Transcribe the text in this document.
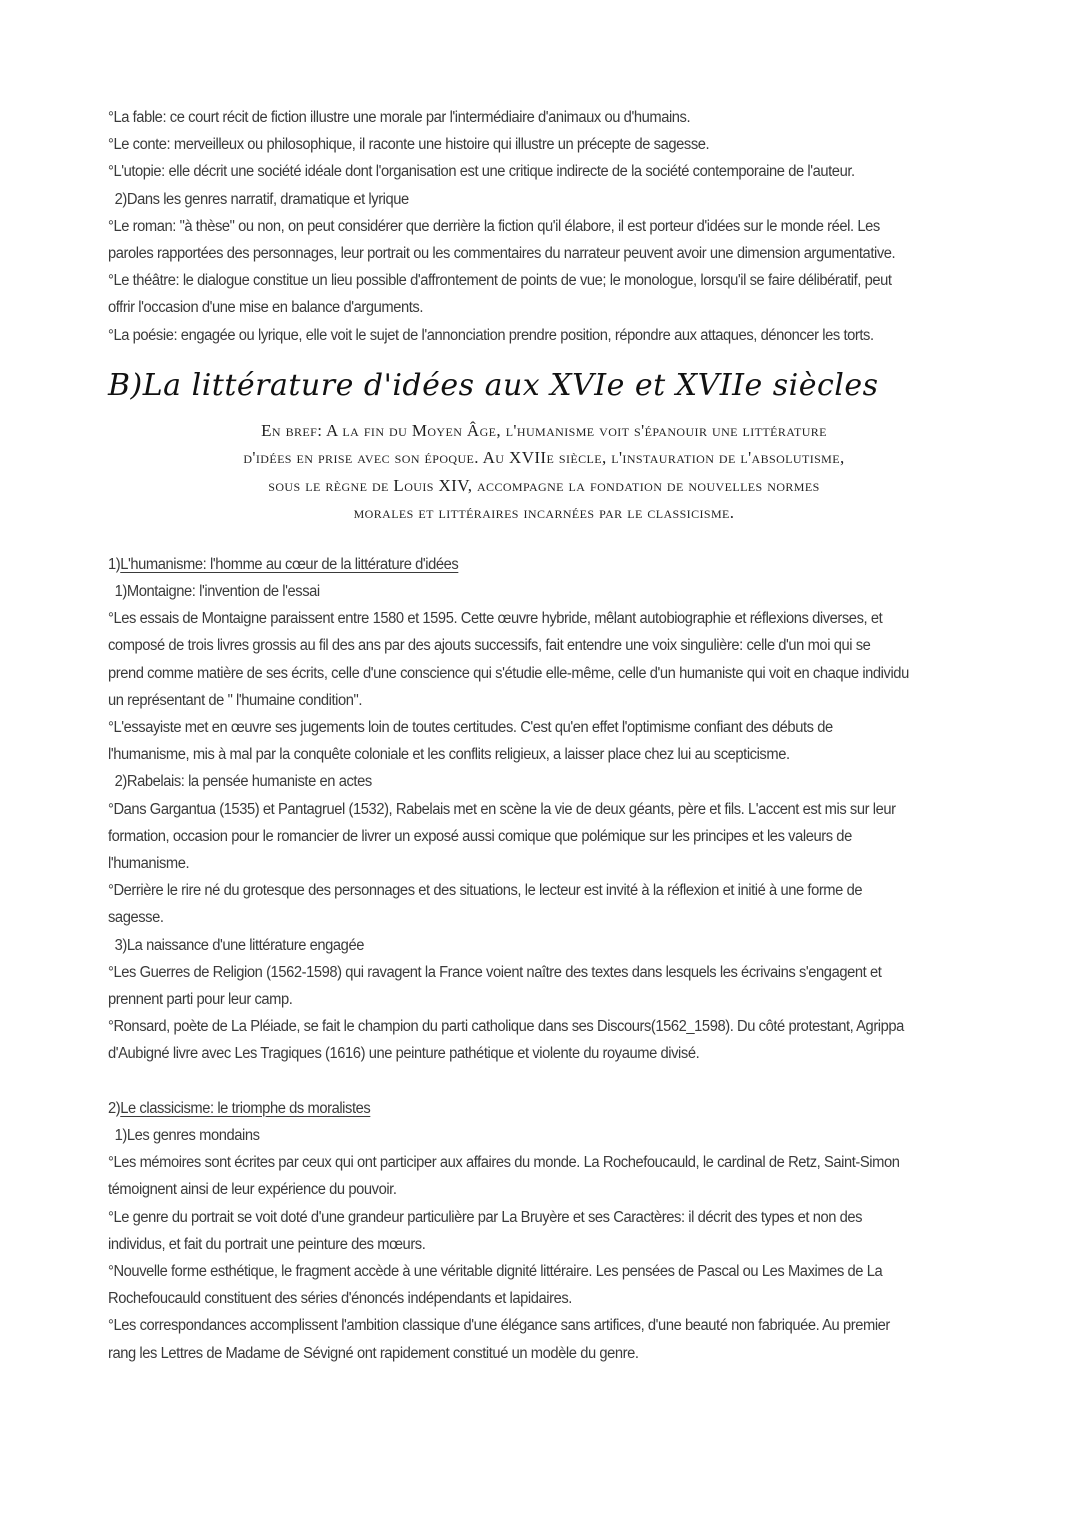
°La fable: ce court récit de fiction illustre une morale par l'intermédiaire d'animaux ou d'humains.
°Le conte: merveilleux ou philosophique, il raconte une histoire qui illustre un précepte de sagesse.
°L'utopie: elle décrit une société idéale dont l'organisation est une critique indirecte de la société contemporaine de l'auteur.
2)Dans les genres narratif, dramatique et lyrique
°Le roman: "à thèse" ou non, on peut considérer que derrière la fiction qu'il élabore, il est porteur d'idées sur le monde réel. Les
paroles rapportées des personnages, leur portrait ou les commentaires du narrateur peuvent avoir une dimension argumentative.
°Le théâtre: le dialogue constitue un lieu possible d'affrontement de points de vue; le monologue, lorsqu'il se faire délibératif, peut
offrir l'occasion d'une mise en balance d'arguments.
°La poésie: engagée ou lyrique, elle voit le sujet de l'annonciation prendre position, répondre aux attaques, dénoncer les torts.
B)La littérature d'idées aux XVIe et XVIIe siècles
En bref: A la fin du Moyen Âge, l'humanisme voit s'épanouir une littérature
d'idées en prise avec son époque. Au XVIIe siècle, l'instauration de l'absolutisme,
sous le règne de Louis XIV, accompagne la fondation de nouvelles normes
morales et littéraires incarnées par le classicisme.
1)L'humanisme: l'homme au cœur de la littérature d'idées
1)Montaigne: l'invention de l'essai
°Les essais de Montaigne paraissent entre 1580 et 1595. Cette œuvre hybride, mêlant autobiographie et réflexions diverses, et
composé de trois livres grossis au fil des ans par des ajouts successifs, fait entendre une voix singulière: celle d'un moi qui se
prend comme matière de ses écrits, celle d'une conscience qui s'étudie elle-même, celle d'un humaniste qui voit en chaque individu
un représentant de " l'humaine condition".
°L'essayiste met en œuvre ses jugements loin de toutes certitudes. C'est qu'en effet l'optimisme confiant des débuts de
l'humanisme, mis à mal par la conquête coloniale et les conflits religieux, a laisser place chez lui au scepticisme.
2)Rabelais: la pensée humaniste en actes
°Dans Gargantua (1535) et Pantagruel (1532), Rabelais met en scène la vie de deux géants, père et fils. L'accent est mis sur leur
formation, occasion pour le romancier de livrer un exposé aussi comique que polémique sur les principes et les valeurs de
l'humanisme.
°Derrière le rire né du grotesque des personnages et des situations, le lecteur est invité à la réflexion et initié à une forme de
sagesse.
3)La naissance d'une littérature engagée
°Les Guerres de Religion (1562-1598) qui ravagent la France voient naître des textes dans lesquels les écrivains s'engagent et
prennent parti pour leur camp.
°Ronsard, poète de La Pléiade, se fait le champion du parti catholique dans ses Discours(1562_1598). Du côté protestant, Agrippa
d'Aubigné livre avec Les Tragiques (1616) une peinture pathétique et violente du royaume divisé.
2)Le classicisme: le triomphe ds moralistes
1)Les genres mondains
°Les mémoires sont écrites par ceux qui ont participer aux affaires du monde. La Rochefoucauld, le cardinal de Retz, Saint-Simon
témoignent ainsi de leur expérience du pouvoir.
°Le genre du portrait se voit doté d'une grandeur particulière par La Bruyère et ses Caractères: il décrit des types et non des
individus, et fait du portrait une peinture des mœurs.
°Nouvelle forme esthétique, le fragment accède à une véritable dignité littéraire. Les pensées de Pascal ou Les Maximes de La
Rochefoucauld constituent des séries d'énoncés indépendants et lapidaires.
°Les correspondances accomplissent l'ambition classique d'une élégance sans artifices, d'une beauté non fabriquée. Au premier
rang les Lettres de Madame de Sévigné ont rapidement constitué un modèle du genre.
